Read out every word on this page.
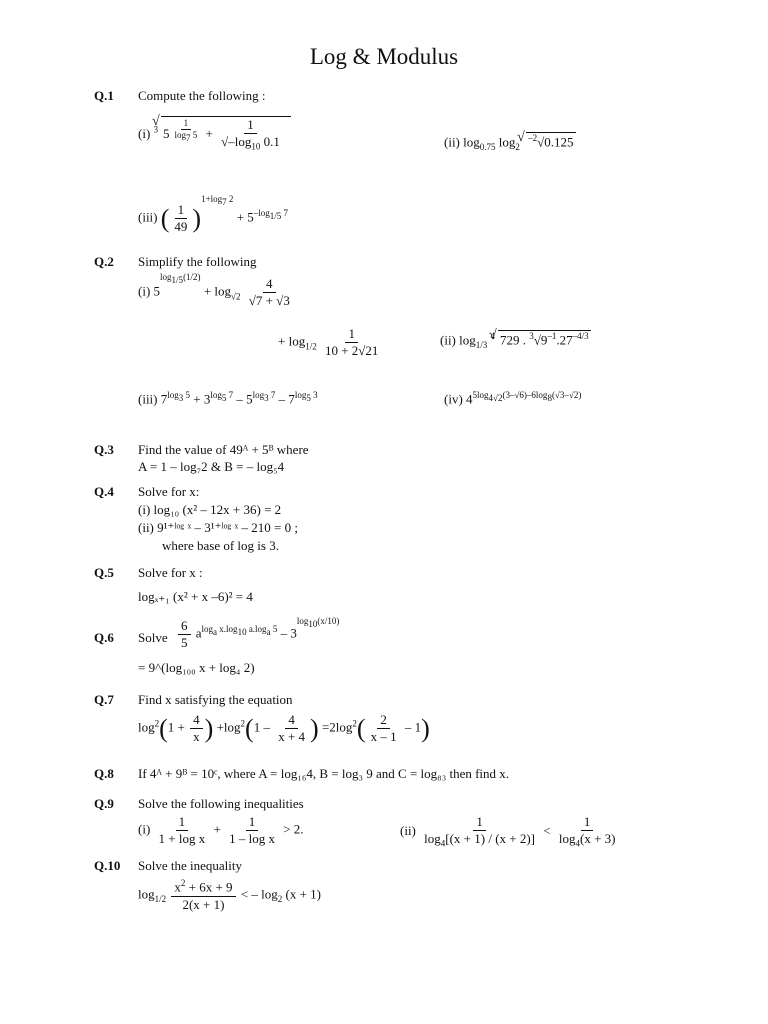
Log & Modulus
Q.1 Compute the following :
(i) $^3$√ 5 $^{\frac{1}{\log_7 5}} + \frac{1}{√-\log_{10} 0.1}$	(ii) $\log_{0.75} \log_2$ √ $^{-2}$√0.125
(iii) ( $\frac{1}{49} )^{1+log_7 2} + 5^{-log_{1/5} 7}$
Q.2 Simplify the following
(i) $5^{log_{1/5}(1/2)} + \log_{√2} \frac{4}{√7 + √3}$
+ $\log_{1/2} \frac{1}{10 + 2√21}$	(ii) $\log_{1/3} ^4√$ 729 . $^3√9^{-1}.27^{-4/3}$
(iii) $7^{log_3 5} + 3^{log_5 7} - 5^{log_3 7} - 7^{log_5 3}$	(iv) $4^{5log_{4√2}(3-√6)-6log_8(√3-√2)}$
Q.3 Find the value of 49ᴬ + 5ᴮ where
A = 1 – log₇2 & B = – log₅4
Q.4 Solve for x:
(i) log₁₀ (x² – 12x + 36) = 2
(ii) 9¹⁺ˡᵒᵍ ˣ – 3¹⁺ˡᵒᵍ ˣ – 210 = 0 ;
where base of log is 3.
Q.5 Solve for x :
logₓ₊₁ (x² + x –6)² = 4
Q.6 Solve $\frac{6}{5} a^{log_a x.log_{10} a.log_a 5} - 3^{log_{10}(x/10)}$
= 9^(log₁₀₀ x + log₄ 2)
Q.7 Find x satisfying the equation
$\log^2(1 + \frac{4}{x}$ ) $+\log^2(1 - \frac{4}{x + 4}$ ) $=2\log^2( \frac{2}{x - 1} - 1)$
Q.8 If 4ᴬ + 9ᴮ = 10ᶜ, where A = log₁₆4, B = log₃ 9 and C = log₈₃ then find x.
Q.9 Solve the following inequalities
$(i) \frac{1}{\text{1 + log x}} + \frac{1}{\text{1 – log x}} > 2$.	$(ii) \frac{1}{\log_4[(x + 1) / (x + 2)]} < \frac{1}{\log_4(x + 3)}$
Q.10 Solve the inequality
$\log_{1/2} \frac{x^2 + 6x + 9}{2(x + 1)}$ < – $\log_2 (x + 1)$
